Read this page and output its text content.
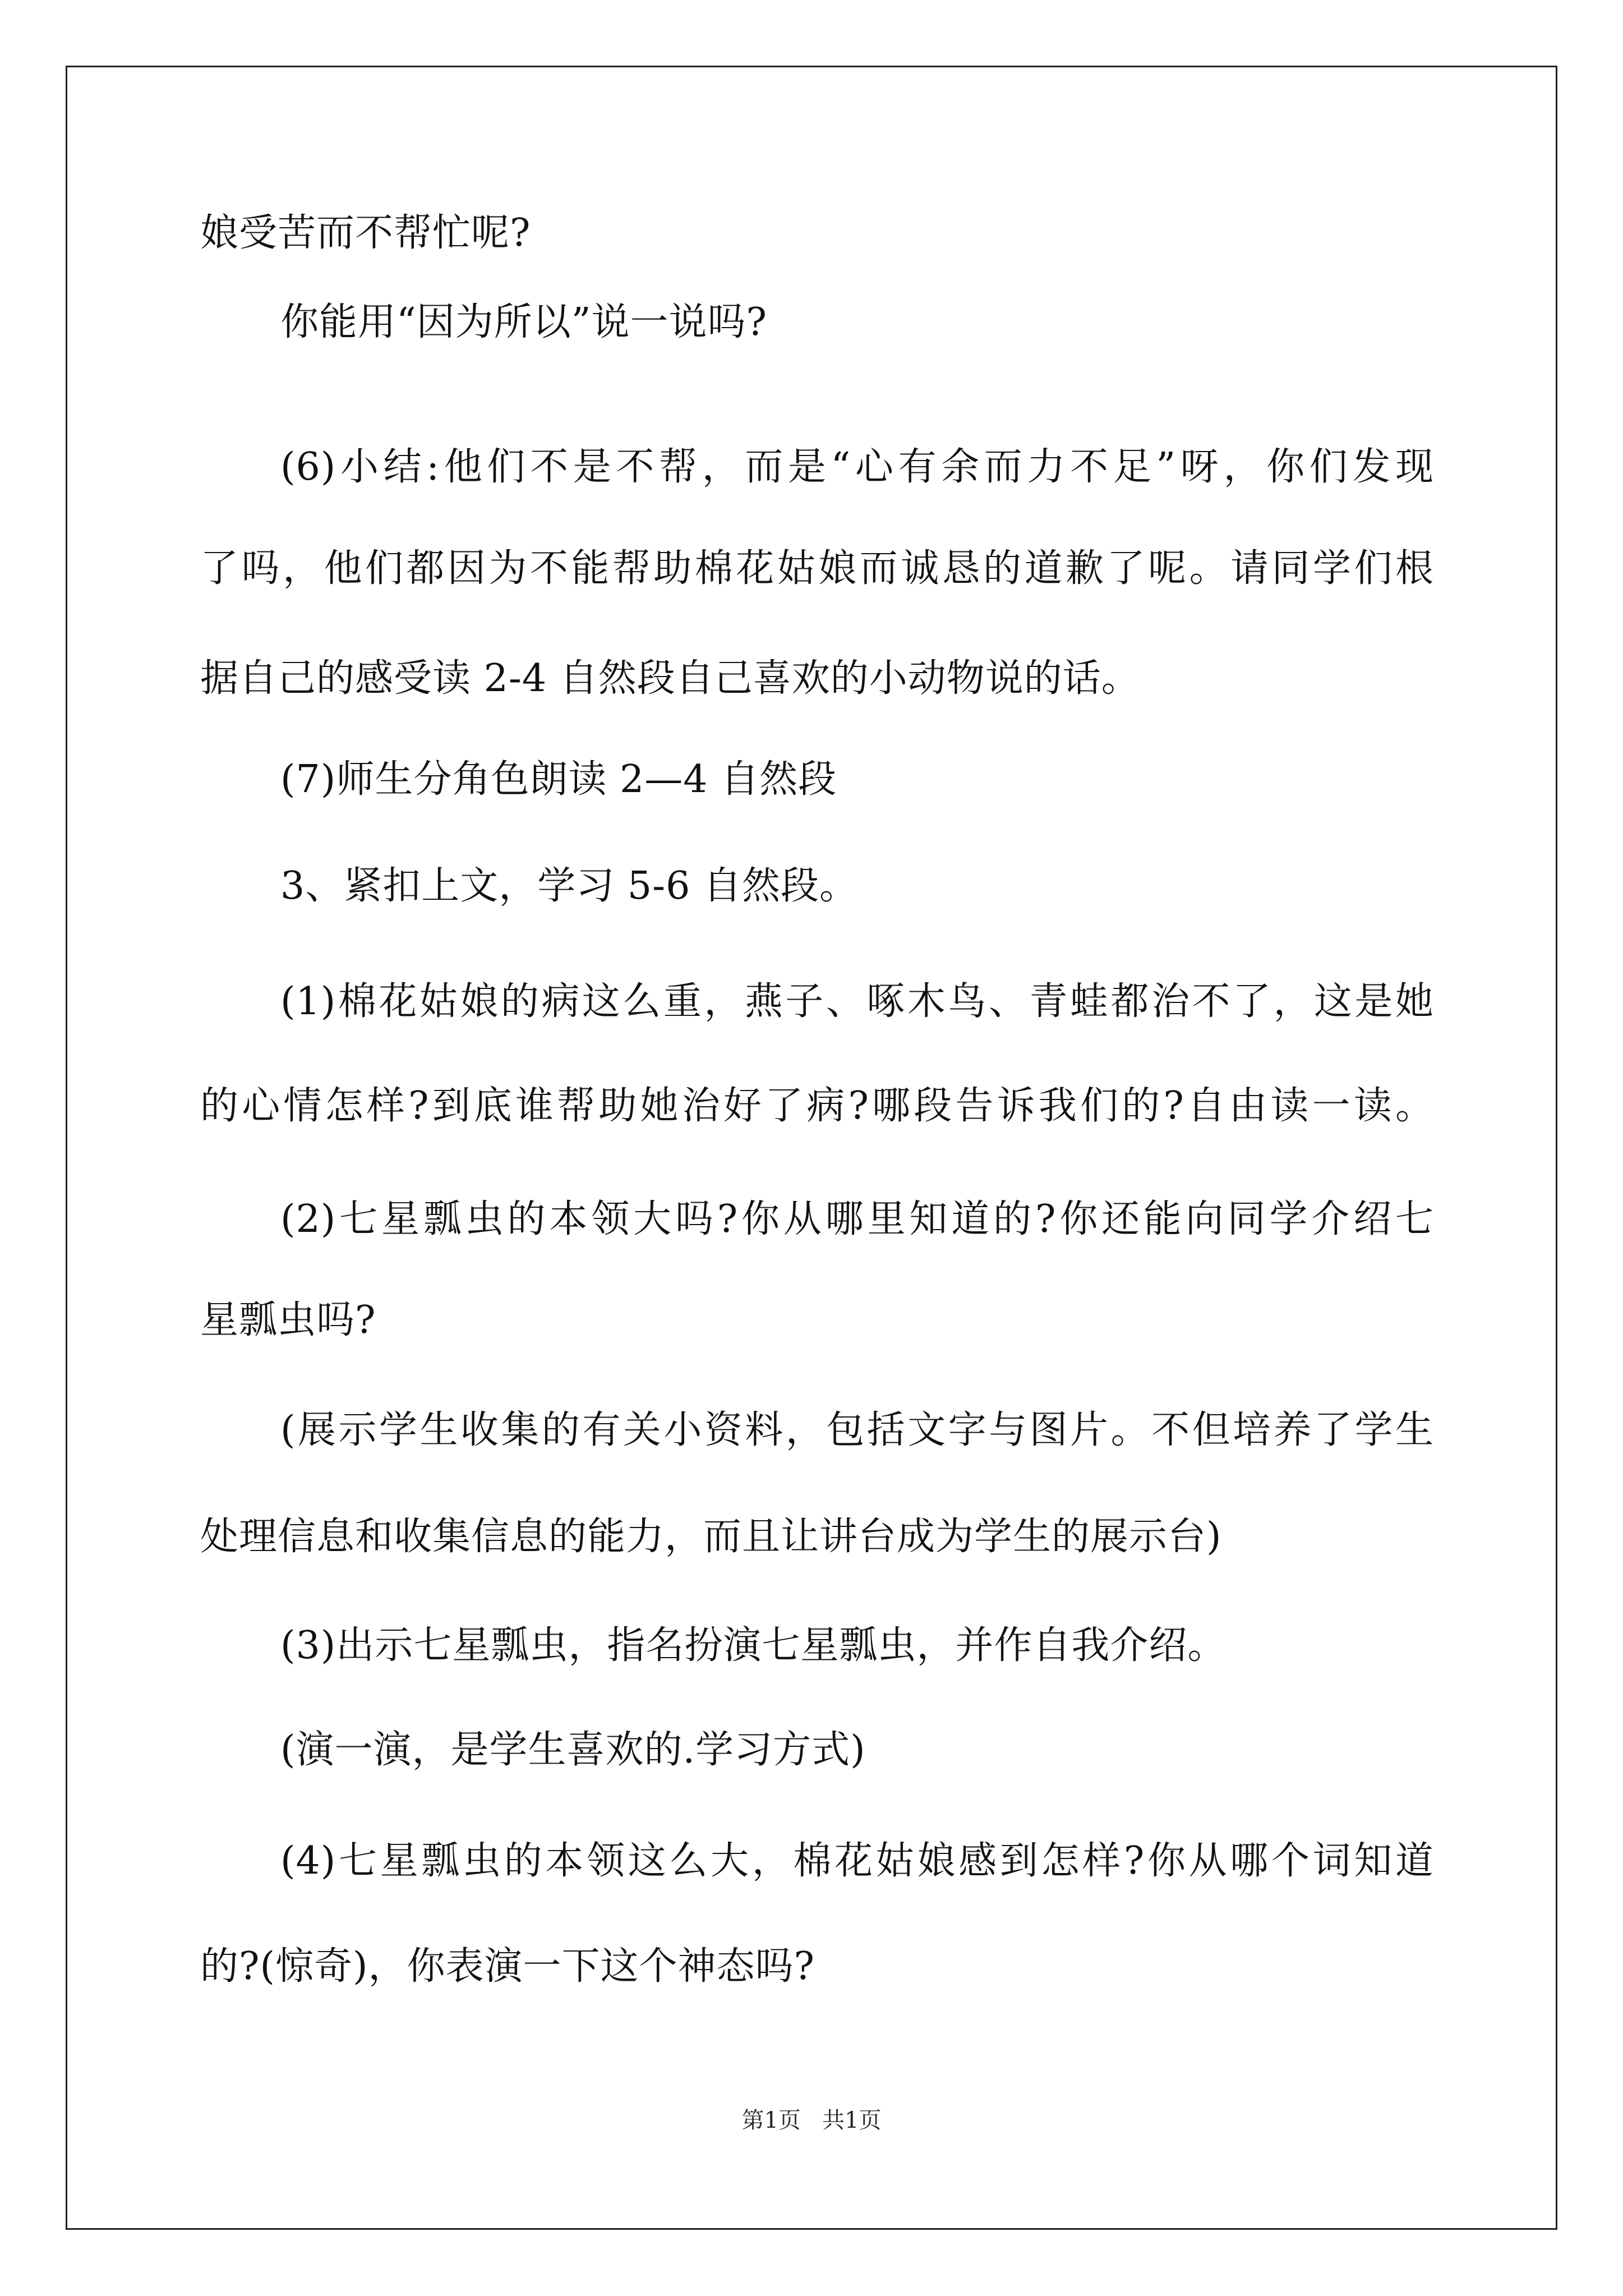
娘受苦而不帮忙呢?
你能用“因为所以”说一说吗?
(6)小结:他们不是不帮，而是“心有余而力不足”呀，你们发现
了吗，他们都因为不能帮助棉花姑娘而诚恳的道歉了呢。请同学们根
据自己的感受读 2-4 自然段自己喜欢的小动物说的话。
(7)师生分角色朗读 2—4 自然段
3、紧扣上文，学习 5-6 自然段。
(1)棉花姑娘的病这么重，燕子、啄木鸟、青蛙都治不了，这是她
的心情怎样?到底谁帮助她治好了病?哪段告诉我们的?自由读一读。
(2)七星瓢虫的本领大吗?你从哪里知道的?你还能向同学介绍七
星瓢虫吗?
(展示学生收集的有关小资料，包括文字与图片。不但培养了学生
处理信息和收集信息的能力，而且让讲台成为学生的展示台)
(3)出示七星瓢虫，指名扮演七星瓢虫，并作自我介绍。
(演一演，是学生喜欢的.学习方式)
(4)七星瓢虫的本领这么大，棉花姑娘感到怎样?你从哪个词知道
的?(惊奇)，你表演一下这个神态吗?
第1页   共1页
